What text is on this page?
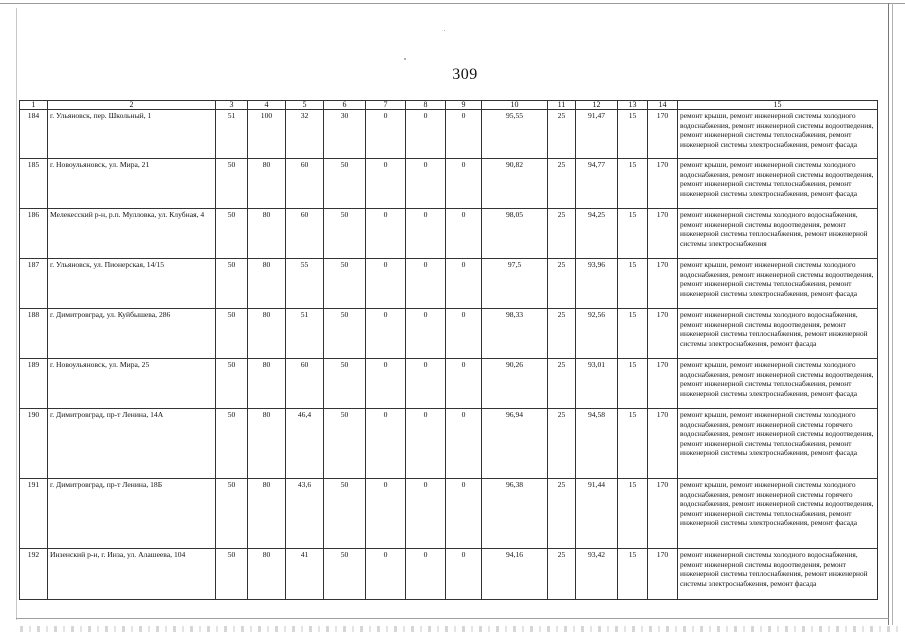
309
1	2	3	4	5	6	7	8	9	10	11	12	13	14	15
184	г. Ульяновск, пер. Школьный, 1	51	100	32	30	0	0	0	95,55	25	91,47	15	170	ремонт крыши, ремонт инженерной системы холодного водоснабжения, ремонт инженерной системы водоотведения, ремонт инженерной системы теплоснабжения, ремонт инженерной системы электроснабжения, ремонт фасада
185	г. Новоульяновск, ул. Мира, 21	50	80	60	50	0	0	0	90,82	25	94,77	15	170	ремонт крыши, ремонт инженерной системы холодного водоснабжения, ремонт инженерной системы водоотведения, ремонт инженерной системы теплоснабжения, ремонт инженерной системы электроснабжения, ремонт фасада
186	Мелекесский р-н, р.п. Мулловка, ул. Клубная, 4	50	80	60	50	0	0	0	98,05	25	94,25	15	170	ремонт инженерной системы холодного водоснабжения, ремонт инженерной системы водоотведения, ремонт инженерной системы теплоснабжения, ремонт инженерной системы электроснабжения
187	г. Ульяновск, ул. Пионерская, 14/15	50	80	55	50	0	0	0	97,5	25	93,96	15	170	ремонт крыши, ремонт инженерной системы холодного водоснабжения, ремонт инженерной системы водоотведения, ремонт инженерной системы теплоснабжения, ремонт инженерной системы электроснабжения, ремонт фасада
188	г. Димитровград, ул. Куйбышева, 286	50	80	51	50	0	0	0	98,33	25	92,56	15	170	ремонт инженерной системы холодного водоснабжения, ремонт инженерной системы водоотведения, ремонт инженерной системы теплоснабжения, ремонт инженерной системы электроснабжения, ремонт фасада
189	г. Новоульяновск, ул. Мира, 25	50	80	60	50	0	0	0	90,26	25	93,01	15	170	ремонт крыши, ремонт инженерной системы холодного водоснабжения, ремонт инженерной системы водоотведения, ремонт инженерной системы теплоснабжения, ремонт инженерной системы электроснабжения, ремонт фасада
190	г. Димитровград, пр-т Ленина, 14А	50	80	46,4	50	0	0	0	96,94	25	94,58	15	170	ремонт крыши, ремонт инженерной системы холодного водоснабжения, ремонт инженерной системы горячего водоснабжения, ремонт инженерной системы водоотведения, ремонт инженерной системы теплоснабжения, ремонт инженерной системы электроснабжения, ремонт фасада
191	г. Димитровград, пр-т Ленина, 18Б	50	80	43,6	50	0	0	0	96,38	25	91,44	15	170	ремонт крыши, ремонт инженерной системы холодного водоснабжения, ремонт инженерной системы горячего водоснабжения, ремонт инженерной системы водоотведения, ремонт инженерной системы теплоснабжения, ремонт инженерной системы электроснабжения, ремонт фасада
192	Инзенский р-н, г. Инза, ул. Алашеева, 104	50	80	41	50	0	0	0	94,16	25	93,42	15	170	ремонт инженерной системы холодного водоснабжения, ремонт инженерной системы водоотведения, ремонт инженерной системы теплоснабжения, ремонт инженерной системы электроснабжения, ремонт фасада
